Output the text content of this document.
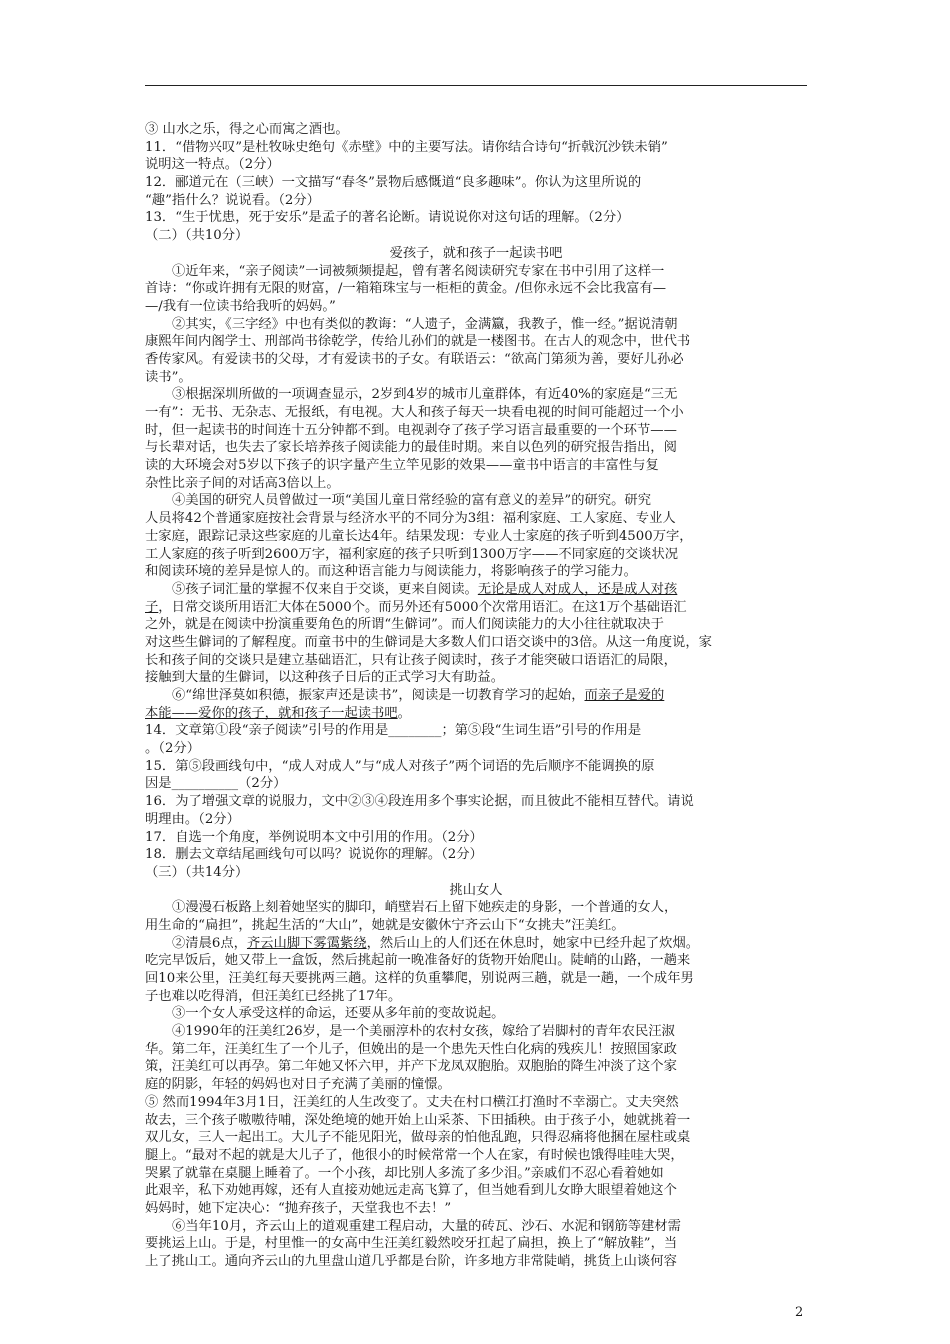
③ 山水之乐，得之心而寓之酒也。
11．“借物兴叹”是杜牧咏史绝句《赤壁》中的主要写法。请你结合诗句“折戟沉沙铁未销”
说明这一特点。（2分）
12．郦道元在（三峡）一文描写“春冬”景物后感慨道“良多趣味”。你认为这里所说的
“趣”指什么？说说看。（2分）
13．“生于忧患，死于安乐”是孟子的著名论断。请说说你对这句话的理解。（2分）
（二）（共10分）
爱孩子，就和孩子一起读书吧
①近年来，“亲子阅读”一词被频频提起，曾有著名阅读研究专家在书中引用了这样一
首诗：“你或许拥有无限的财富，/一箱箱珠宝与一柜柜的黄金。/但你永远不会比我富有—
—/我有一位读书给我听的妈妈。”
②其实，《三字经》中也有类似的教诲：“人遗子，金满籝，我教子，惟一经。”据说清朝
康熙年间内阁学士、刑部尚书徐乾学，传给儿孙们的就是一楼图书。在古人的观念中，世代书
香传家风。有爱读书的父母，才有爱读书的子女。有联语云：“欲高门第须为善，要好儿孙必
读书”。
③根据深圳所做的一项调查显示，2岁到4岁的城市儿童群体，有近40%的家庭是“三无
一有”：无书、无杂志、无报纸，有电视。大人和孩子每天一块看电视的时间可能超过一个小
时，但一起读书的时间连十五分钟都不到。电视剥夺了孩子学习语言最重要的一个环节——
与长辈对话，也失去了家长培养孩子阅读能力的最佳时期。来自以色列的研究报告指出，阅
读的大环境会对5岁以下孩子的识字量产生立竿见影的效果——童书中语言的丰富性与复
杂性比亲子间的对话高3倍以上。
④美国的研究人员曾做过一项“美国儿童日常经验的富有意义的差异”的研究。研究
人员将42个普通家庭按社会背景与经济水平的不同分为3组：福利家庭、工人家庭、专业人
士家庭，跟踪记录这些家庭的儿童长达4年。结果发现：专业人士家庭的孩子听到4500万字，
工人家庭的孩子听到2600万字，福利家庭的孩子只听到1300万字——不同家庭的交谈状况
和阅读环境的差异是惊人的。而这种语言能力与阅读能力，将影响孩子的学习能力。
⑤孩子词汇量的掌握不仅来自于交谈，更来自阅读。无论是成人对成人，还是成人对孩
子，日常交谈所用语汇大体在5000个。而另外还有5000个次常用语汇。在这1万个基础语汇
之外，就是在阅读中扮演重要角色的所谓“生僻词”。而人们阅读能力的大小往往就取决于
对这些生僻词的了解程度。而童书中的生僻词是大多数人们口语交谈中的3倍。从这一角度说，家
长和孩子间的交谈只是建立基础语汇，只有让孩子阅读时，孩子才能突破口语语汇的局限，
接触到大量的生僻词，以这种孩子日后的正式学习大有助益。
⑥“绵世泽莫如积德，振家声还是读书”，阅读是一切教育学习的起始，而亲子是爱的
本能——爱你的孩子，就和孩子一起读书吧。
14．文章第①段“亲子阅读”引号的作用是________；第⑤段“生词生语”引号的作用是
。（2分）
15．第⑤段画线句中，“成人对成人”与“成人对孩子”两个词语的先后顺序不能调换的原
因是__________（2分）
16．为了增强文章的说服力，文中②③④段连用多个事实论据，而且彼此不能相互替代。请说
明理由。（2分）
17．自选一个角度，举例说明本文中引用的作用。（2分）
18．删去文章结尾画线句可以吗？说说你的理解。（2分）
（三）（共14分）
挑山女人
①漫漫石板路上刻着她坚实的脚印，峭壁岩石上留下她疾走的身影，一个普通的女人，
用生命的“扁担”，挑起生活的“大山”，她就是安徽休宁齐云山下“女挑夫”汪美红。
②清晨6点，齐云山脚下雾霭紫绕，然后山上的人们还在休息时，她家中已经升起了炊烟。
吃完早饭后，她又带上一盒饭，然后挑起前一晚准备好的货物开始爬山。陡峭的山路，一趟来
回10来公里，汪美红每天要挑两三趟。这样的负重攀爬，别说两三趟，就是一趟，一个成年男
子也难以吃得消，但汪美红已经挑了17年。
③一个女人承受这样的命运，还要从多年前的变故说起。
④1990年的汪美红26岁，是一个美丽淳朴的农村女孩，嫁给了岩脚村的青年农民汪淑
华。第二年，汪美红生了一个儿子，但娩出的是一个患先天性白化病的残疾儿！按照国家政
策，汪美红可以再孕。第二年她又怀六甲，并产下龙凤双胞胎。双胞胎的降生冲淡了这个家
庭的阴影，年轻的妈妈也对日子充满了美丽的憧憬。
⑤ 然而1994年3月1日，汪美红的人生改变了。丈夫在村口横江打渔时不幸溺亡。丈夫突然
故去，三个孩子嗷嗷待哺，深处绝境的她开始上山采茶、下田插秧。由于孩子小，她就挑着一
双儿女，三人一起出工。大儿子不能见阳光，做母亲的怕他乱跑，只得忍痛将他捆在屋柱或桌
腿上。“最对不起的就是大儿子了，他很小的时候常常一个人在家，有时候也饿得哇哇大哭，
哭累了就靠在桌腿上睡着了。一个小孩，却比别人多流了多少泪。”亲戚们不忍心看着她如
此艰辛，私下劝她再嫁，还有人直接劝她远走高飞算了，但当她看到儿女睁大眼望着她这个
妈妈时，她下定决心：“抛弃孩子，天堂我也不去！”
⑥当年10月，齐云山上的道观重建工程启动，大量的砖瓦、沙石、水泥和钢筋等建材需
要挑运上山。于是，村里惟一的女高中生汪美红毅然咬牙扛起了扁担，换上了“解放鞋”，当
上了挑山工。通向齐云山的九里盘山道几乎都是台阶，许多地方非常陡峭，挑货上山谈何容
2
